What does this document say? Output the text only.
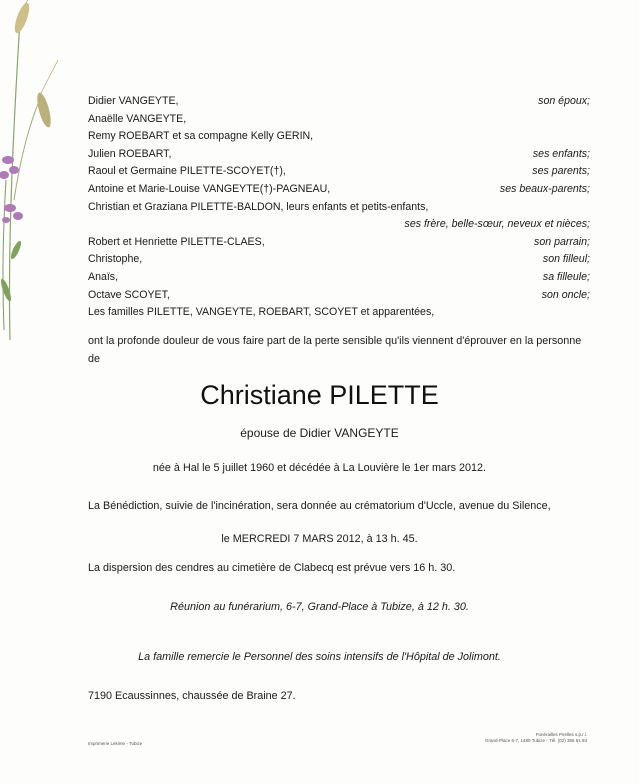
Didier VANGEYTE,	son époux;
Anaëlle VANGEYTE,
Remy ROEBART et sa compagne Kelly GERIN,
Julien ROEBART,	ses enfants;
Raoul et Germaine PILETTE-SCOYET(†),	ses parents;
Antoine et Marie-Louise VANGEYTE(†)-PAGNEAU,	ses beaux-parents;
Christian et Graziana PILETTE-BALDON, leurs enfants et petits-enfants,
ses frère, belle-sœur, neveux et nièces;
Robert et Henriette PILETTE-CLAES,	son parrain;
Christophe,	son filleul;
Anaïs,	sa filleule;
Octave SCOYET,	son oncle;
Les familles PILETTE, VANGEYTE, ROEBART, SCOYET et apparentées,
ont la profonde douleur de vous faire part de la perte sensible qu'ils viennent d'éprouver en la personne de
Christiane PILETTE
épouse de Didier VANGEYTE
née à Hal le 5 juillet 1960 et décédée à La Louvière le 1er mars 2012.
La Bénédiction, suivie de l'incinération, sera donnée au crématorium d'Uccle, avenue du Silence,
le MERCREDI 7 MARS 2012, à 13 h. 45.
La dispersion des cendres au cimetière de Clabecq est prévue vers 16 h. 30.
Réunion au funérarium, 6-7, Grand-Place à Tubize, à 12 h. 30.
La famille remercie le Personnel des soins intensifs de l'Hôpital de Jolimont.
7190 Ecaussinnes, chaussée de Braine 27.
Imprimerie Lekime - Tubize
Funérailles Pirelles s.p.r.l.
Grand-Place 6-7, 1480 Tubize - Tél. (02) 355 51 84
